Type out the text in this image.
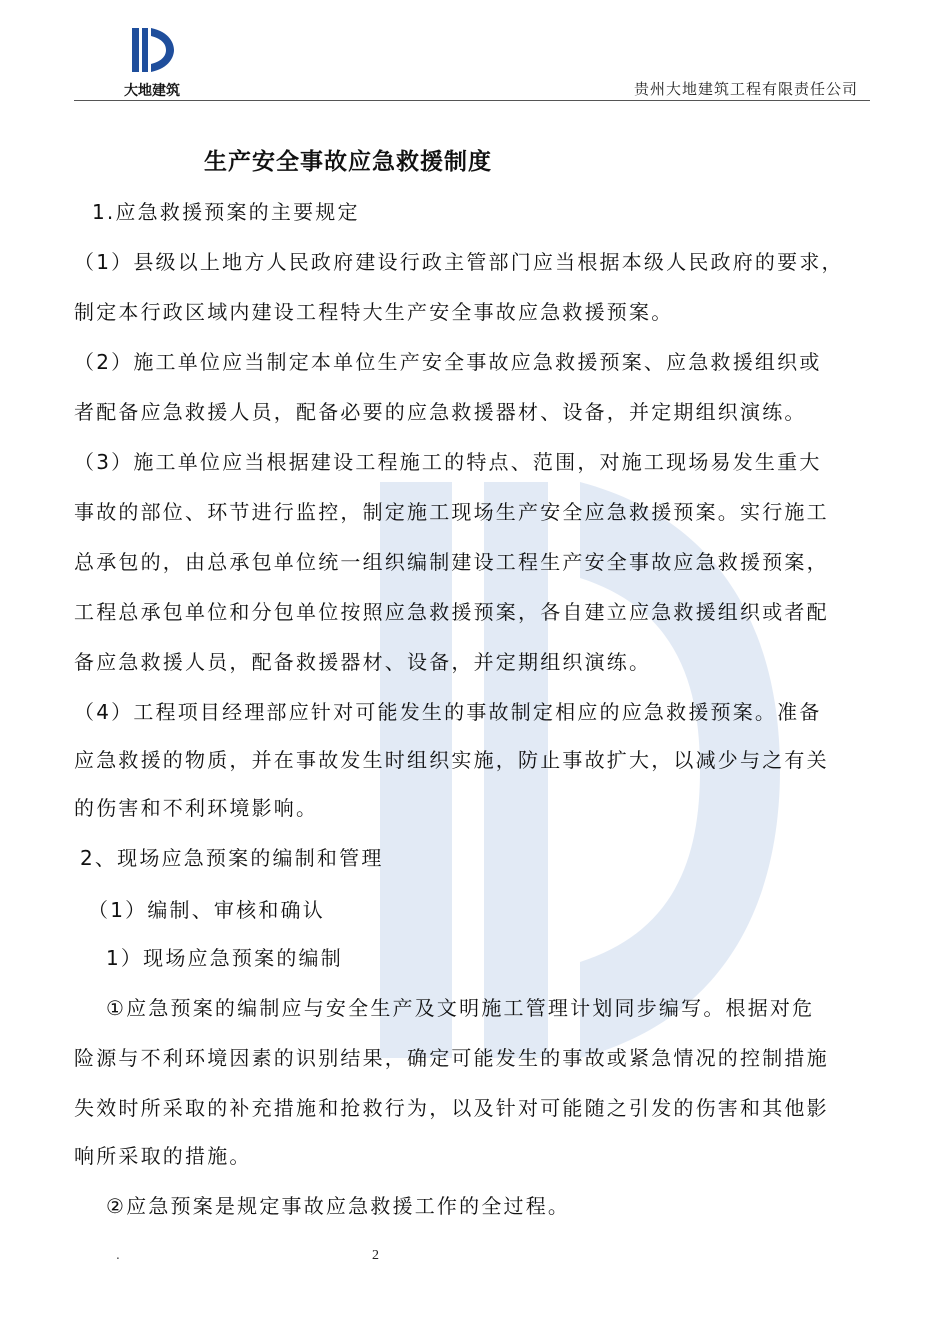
大地建筑	贵州大地建筑工程有限责任公司
生产安全事故应急救援制度
1.应急救援预案的主要规定
（1）县级以上地方人民政府建设行政主管部门应当根据本级人民政府的要求，
制定本行政区域内建设工程特大生产安全事故应急救援预案。
（2）施工单位应当制定本单位生产安全事故应急救援预案、应急救援组织或
者配备应急救援人员，配备必要的应急救援器材、设备，并定期组织演练。
（3）施工单位应当根据建设工程施工的特点、范围，对施工现场易发生重大
事故的部位、环节进行监控，制定施工现场生产安全应急救援预案。实行施工
总承包的，由总承包单位统一组织编制建设工程生产安全事故应急救援预案，
工程总承包单位和分包单位按照应急救援预案，各自建立应急救援组织或者配
备应急救援人员，配备救援器材、设备，并定期组织演练。
（4）工程项目经理部应针对可能发生的事故制定相应的应急救援预案。准备
应急救援的物质，并在事故发生时组织实施，防止事故扩大，以减少与之有关
的伤害和不利环境影响。
2、现场应急预案的编制和管理
（1）编制、审核和确认
1）现场应急预案的编制
①应急预案的编制应与安全生产及文明施工管理计划同步编写。根据对危
险源与不利环境因素的识别结果，确定可能发生的事故或紧急情况的控制措施
失效时所采取的补充措施和抢救行为，以及针对可能随之引发的伤害和其他影
响所采取的措施。
②应急预案是规定事故应急救援工作的全过程。
.	2
